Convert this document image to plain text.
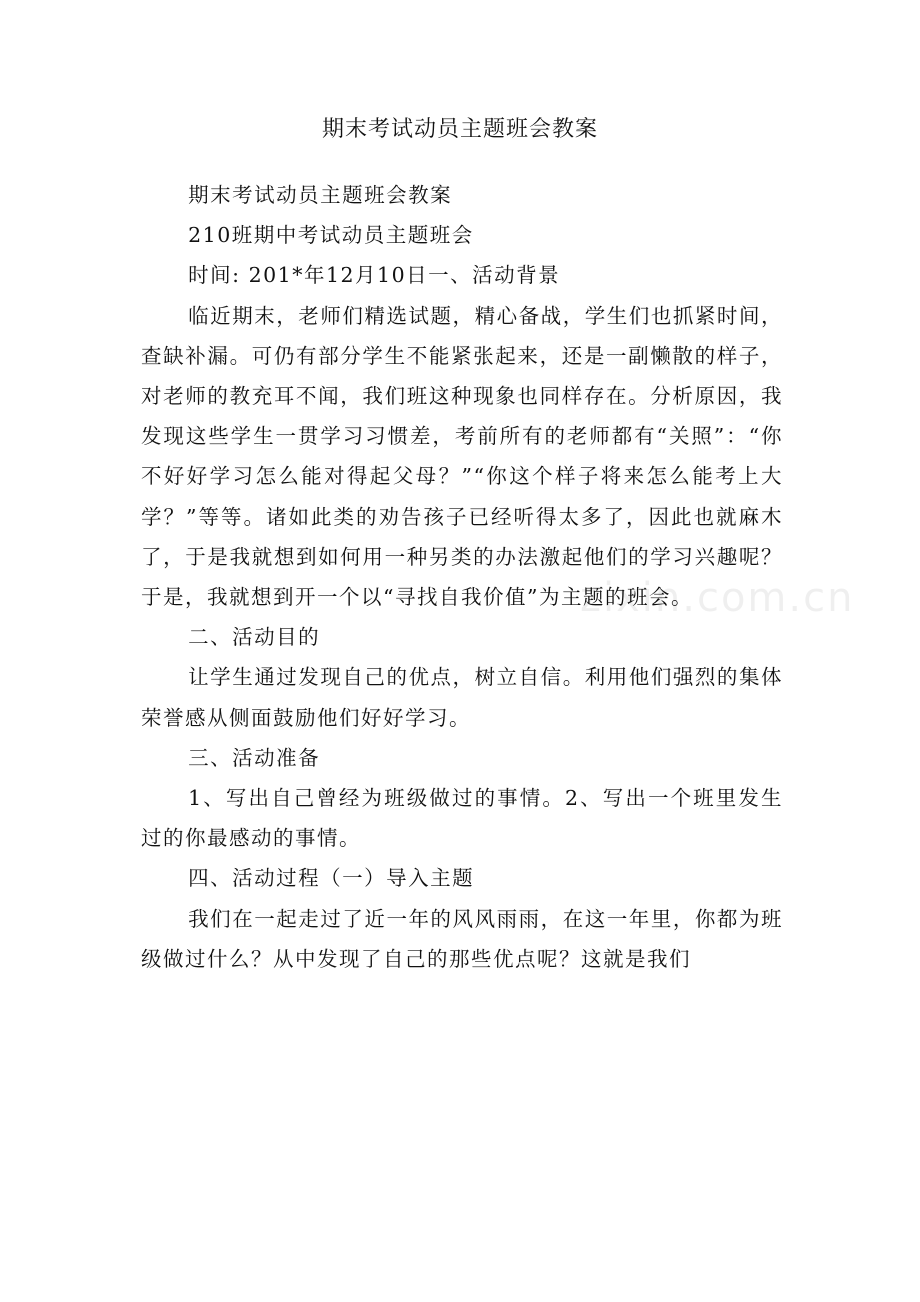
期末考试动员主题班会教案

期末考试动员主题班会教案

210班期中考试动员主题班会

时间: 201*年12月10日一、活动背景

临近期末，老师们精选试题，精心备战，学生们也抓紧时间，查缺补漏。可仍有部分学生不能紧张起来，还是一副懒散的样子，对老师的教充耳不闻，我们班这种现象也同样存在。分析原因，我发现这些学生一贯学习习惯差，考前所有的老师都有“关照”：“你不好好学习怎么能对得起父母？”“你这个样子将来怎么能考上大学？”等等。诸如此类的劝告孩子已经听得太多了，因此也就麻木了，于是我就想到如何用一种另类的办法激起他们的学习兴趣呢？于是，我就想到开一个以“寻找自我价值”为主题的班会。

二、活动目的

让学生通过发现自己的优点，树立自信。利用他们强烈的集体荣誉感从侧面鼓励他们好好学习。

三、活动准备

1、写出自己曾经为班级做过的事情。2、写出一个班里发生过的你最感动的事情。

四、活动过程（一）导入主题

我们在一起走过了近一年的风风雨雨，在这一年里，你都为班级做过什么？从中发现了自己的那些优点呢？这就是我们

zixin.com.cn
